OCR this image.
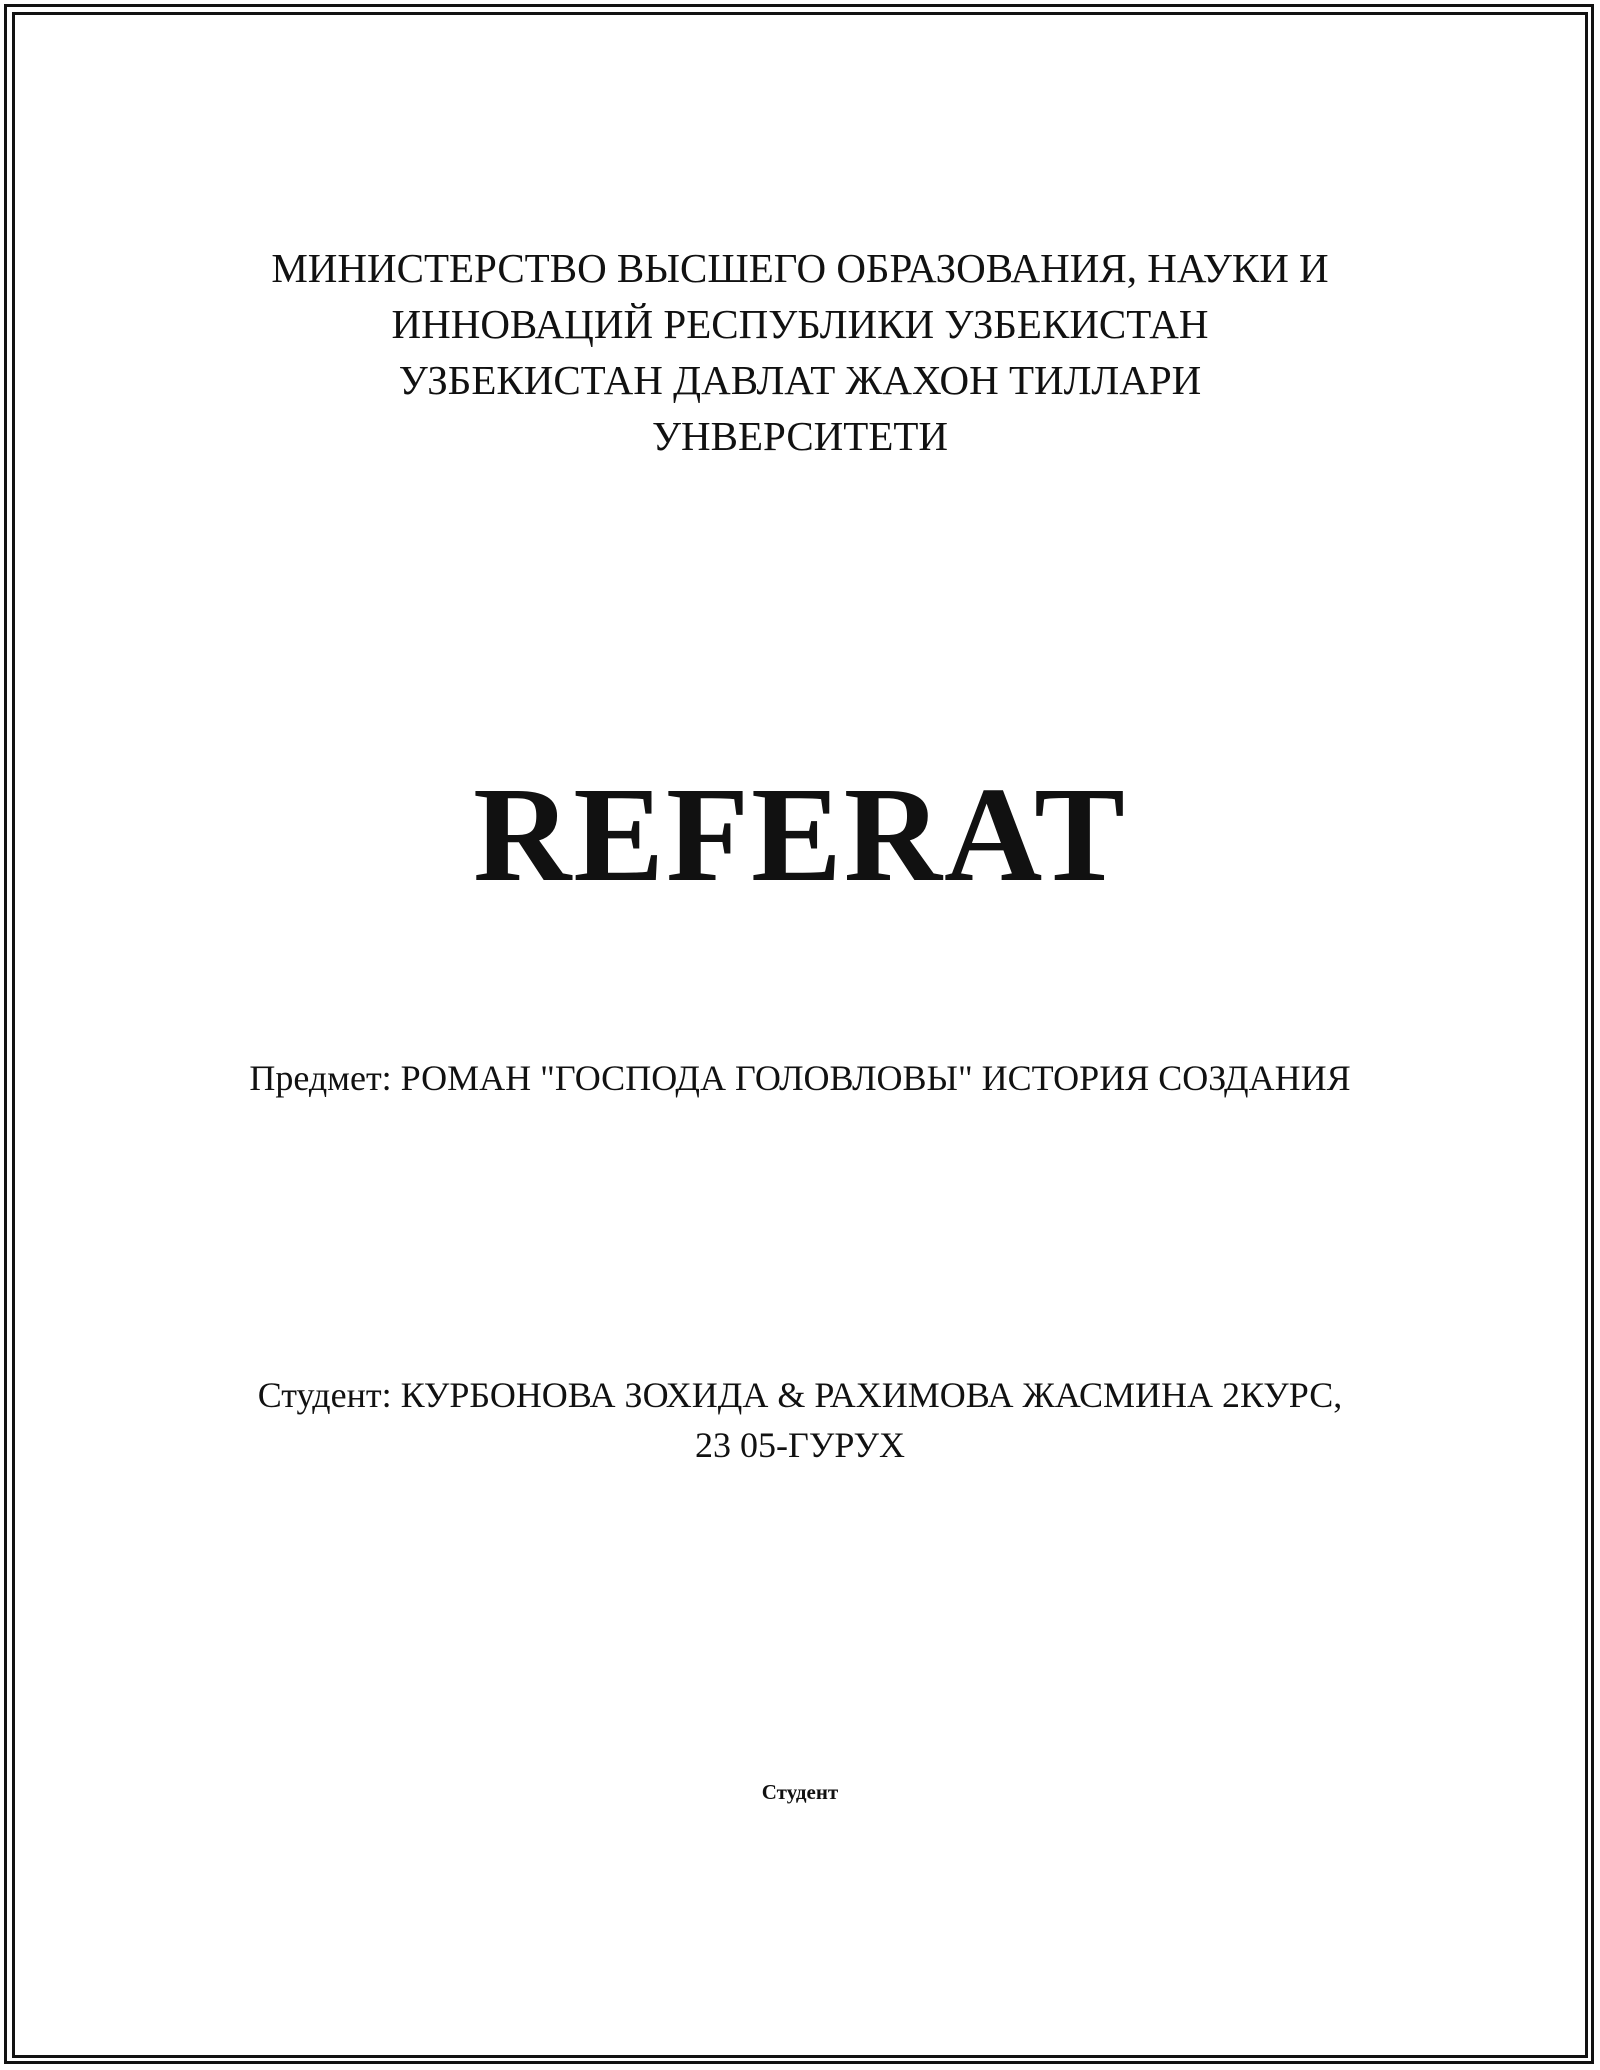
МИНИСТЕРСТВО ВЫСШЕГО ОБРАЗОВАНИЯ, НАУКИ И
ИННОВАЦИЙ РЕСПУБЛИКИ УЗБЕКИСТАН
УЗБЕКИСТАН ДАВЛАТ ЖАХОН ТИЛЛАРИ
УНВЕРСИТЕТИ
REFERAT
Предмет: РОМАН "ГОСПОДА ГОЛОВЛОВЫ" ИСТОРИЯ СОЗДАНИЯ
Студент: КУРБОНОВА ЗОХИДА & РАХИМОВА ЖАСМИНА 2КУРС,
23 05-ГУРУХ
Студент
